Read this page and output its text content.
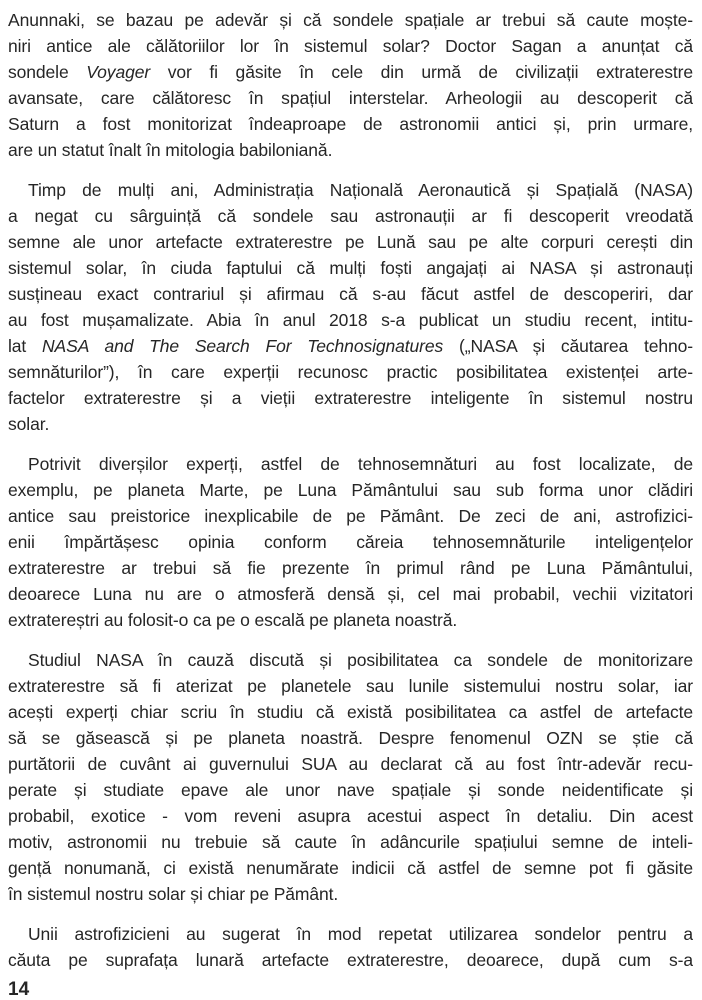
Anunnaki, se bazau pe adevăr și că sondele spațiale ar trebui să caute moște-
niri antice ale călătoriilor lor în sistemul solar? Doctor Sagan a anunțat că
sondele Voyager vor fi găsite în cele din urmă de civilizații extraterestre
avansate, care călătoresc în spațiul interstelar. Arheologii au descoperit că
Saturn a fost monitorizat îndeaproape de astronomii antici și, prin urmare,
are un statut înalt în mitologia babiloniană.
Timp de mulți ani, Administrația Națională Aeronautică și Spațială (NASA)
a negat cu sârguință că sondele sau astronauții ar fi descoperit vreodată
semne ale unor artefacte extraterestre pe Lună sau pe alte corpuri cerești din
sistemul solar, în ciuda faptului că mulți foști angajați ai NASA și astronauți
susțineau exact contrariul și afirmau că s-au făcut astfel de descoperiri, dar
au fost mușamalizate. Abia în anul 2018 s-a publicat un studiu recent, intitu-
lat NASA and The Search For Technosignatures („NASA și căutarea tehno-
semnăturilor”), în care experții recunosc practic posibilitatea existenței arte-
factelor extraterestre și a vieții extraterestre inteligente în sistemul nostru
solar.
Potrivit diverșilor experți, astfel de tehnosemnături au fost localizate, de
exemplu, pe planeta Marte, pe Luna Pământului sau sub forma unor clădiri
antice sau preistorice inexplicabile de pe Pământ. De zeci de ani, astrofizici-
enii împărtășesc opinia conform căreia tehnosemnăturile inteligențelor
extraterestre ar trebui să fie prezente în primul rând pe Luna Pământului,
deoarece Luna nu are o atmosferă densă și, cel mai probabil, vechii vizitatori
extratereștri au folosit-o ca pe o escală pe planeta noastră.
Studiul NASA în cauză discută și posibilitatea ca sondele de monitorizare
extraterestre să fi aterizat pe planetele sau lunile sistemului nostru solar, iar
acești experți chiar scriu în studiu că există posibilitatea ca astfel de artefacte
să se găsească și pe planeta noastră. Despre fenomenul OZN se știe că
purtătorii de cuvânt ai guvernului SUA au declarat că au fost într-adevăr recu-
perate și studiate epave ale unor nave spațiale și sonde neidentificate și
probabil, exotice - vom reveni asupra acestui aspect în detaliu. Din acest
motiv, astronomii nu trebuie să caute în adâncurile spațiului semne de inteli-
gență nonumană, ci există nenumărate indicii că astfel de semne pot fi găsite
în sistemul nostru solar și chiar pe Pământ.
Unii astrofizicieni au sugerat în mod repetat utilizarea sondelor pentru a
căuta pe suprafața lunară artefacte extraterestre, deoarece, după cum s-a
14
